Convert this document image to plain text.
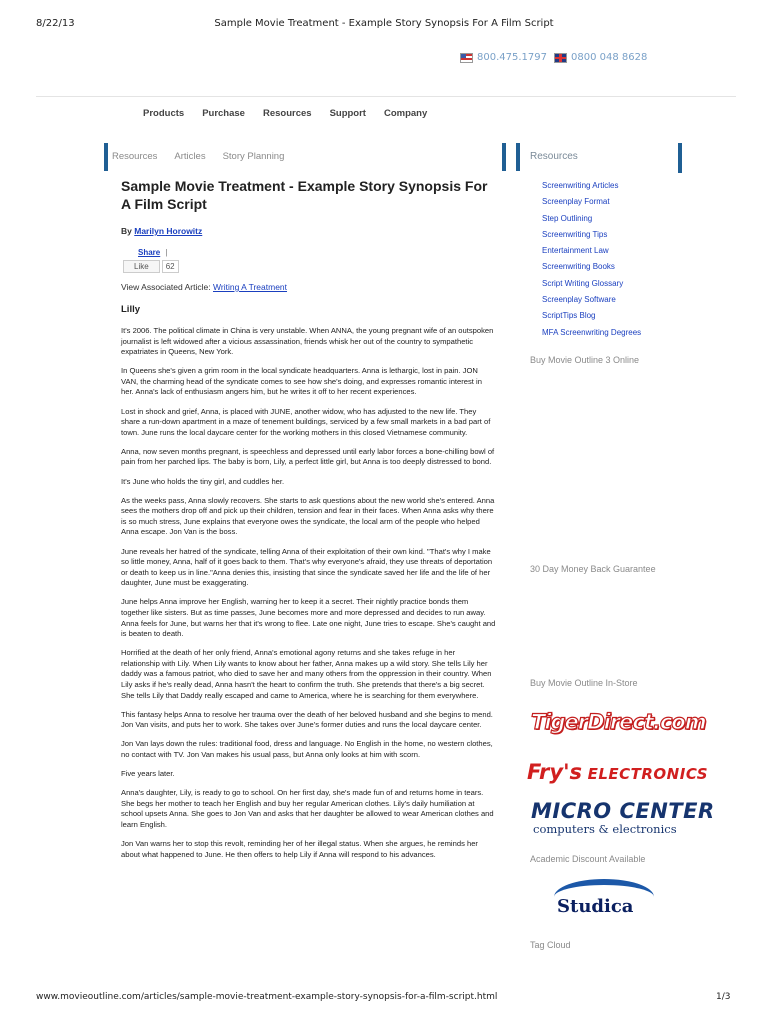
8/22/13	Sample Movie Treatment - Example Story Synopsis For A Film Script
800.475.1797 0800 048 8628
Products Purchase Resources Support Company
Resources Articles Story Planning
Sample Movie Treatment - Example Story Synopsis For A Film Script
By Marilyn Horowitz
Share |
Like	62
View Associated Article: Writing A Treatment
Lilly

It's 2006. The political climate in China is very unstable. When ANNA, the young pregnant wife of an outspoken journalist is left widowed after a vicious assassination, friends whisk her out of the country to sympathetic expatriates in Queens, New York.

In Queens she's given a grim room in the local syndicate headquarters. Anna is lethargic, lost in pain. JON VAN, the charming head of the syndicate comes to see how she's doing, and expresses romantic interest in her. Anna's lack of enthusiasm angers him, but he writes it off to her recent experiences.

Lost in shock and grief, Anna, is placed with JUNE, another widow, who has adjusted to the new life. They share a run-down apartment in a maze of tenement buildings, serviced by a few small markets in a bad part of town. June runs the local daycare center for the working mothers in this closed Vietnamese community.

Anna, now seven months pregnant, is speechless and depressed until early labor forces a bone-chilling bowl of pain from her parched lips. The baby is born, Lily, a perfect little girl, but Anna is too deeply distressed to bond.

It's June who holds the tiny girl, and cuddles her.

As the weeks pass, Anna slowly recovers. She starts to ask questions about the new world she's entered. Anna sees the mothers drop off and pick up their children, tension and fear in their faces. When Anna asks why there is so much stress, June explains that everyone owes the syndicate, the local arm of the people who helped Anna escape. Jon Van is the boss.

June reveals her hatred of the syndicate, telling Anna of their exploitation of their own kind. "That's why I make so little money, Anna, half of it goes back to them. That's why everyone's afraid, they use threats of deportation or death to keep us in line."Anna denies this, insisting that since the syndicate saved her life and the life of her daughter, June must be exaggerating.

June helps Anna improve her English, warning her to keep it a secret. Their nightly practice bonds them together like sisters. But as time passes, June becomes more and more depressed and decides to run away. Anna feels for June, but warns her that it's wrong to flee. Late one night, June tries to escape. She's caught and is beaten to death.

Horrified at the death of her only friend, Anna's emotional agony returns and she takes refuge in her relationship with Lily. When Lily wants to know about her father, Anna makes up a wild story. She tells Lily her daddy was a famous patriot, who died to save her and many others from the oppression in their country. When Lily asks if he's really dead, Anna hasn't the heart to confirm the truth. She pretends that there's a big secret. She tells Lily that Daddy really escaped and came to America, where he is searching for them everywhere.

This fantasy helps Anna to resolve her trauma over the death of her beloved husband and she begins to mend. Jon Van visits, and puts her to work. She takes over June's former duties and runs the local daycare center.

Jon Van lays down the rules: traditional food, dress and language. No English in the home, no western clothes, no contact with TV. Jon Van makes his usual pass, but Anna only looks at him with scorn.

Five years later.

Anna's daughter, Lily, is ready to go to school. On her first day, she's made fun of and returns home in tears. She begs her mother to teach her English and buy her regular American clothes. Lily's daily humiliation at school upsets Anna. She goes to Jon Van and asks that her daughter be allowed to wear American clothes and learn English.

Jon Van warns her to stop this revolt, reminding her of her illegal status. When she argues, he reminds her about what happened to June. He then offers to help Lily if Anna will respond to his advances.

Resources
Screenwriting Articles
Screenplay Format
Step Outlining
Screenwriting Tips
Entertainment Law
Screenwriting Books
Script Writing Glossary
Screenplay Software
ScriptTips Blog
MFA Screenwriting Degrees
Buy Movie Outline 3 Online
30 Day Money Back Guarantee
Buy Movie Outline In-Store
TigerDirect.com
Fry's ELECTRONICS
MICRO CENTER
computers & electronics
Academic Discount Available
Studica
Tag Cloud
www.movieoutline.com/articles/sample-movie-treatment-example-story-synopsis-for-a-film-script.html	1/3
